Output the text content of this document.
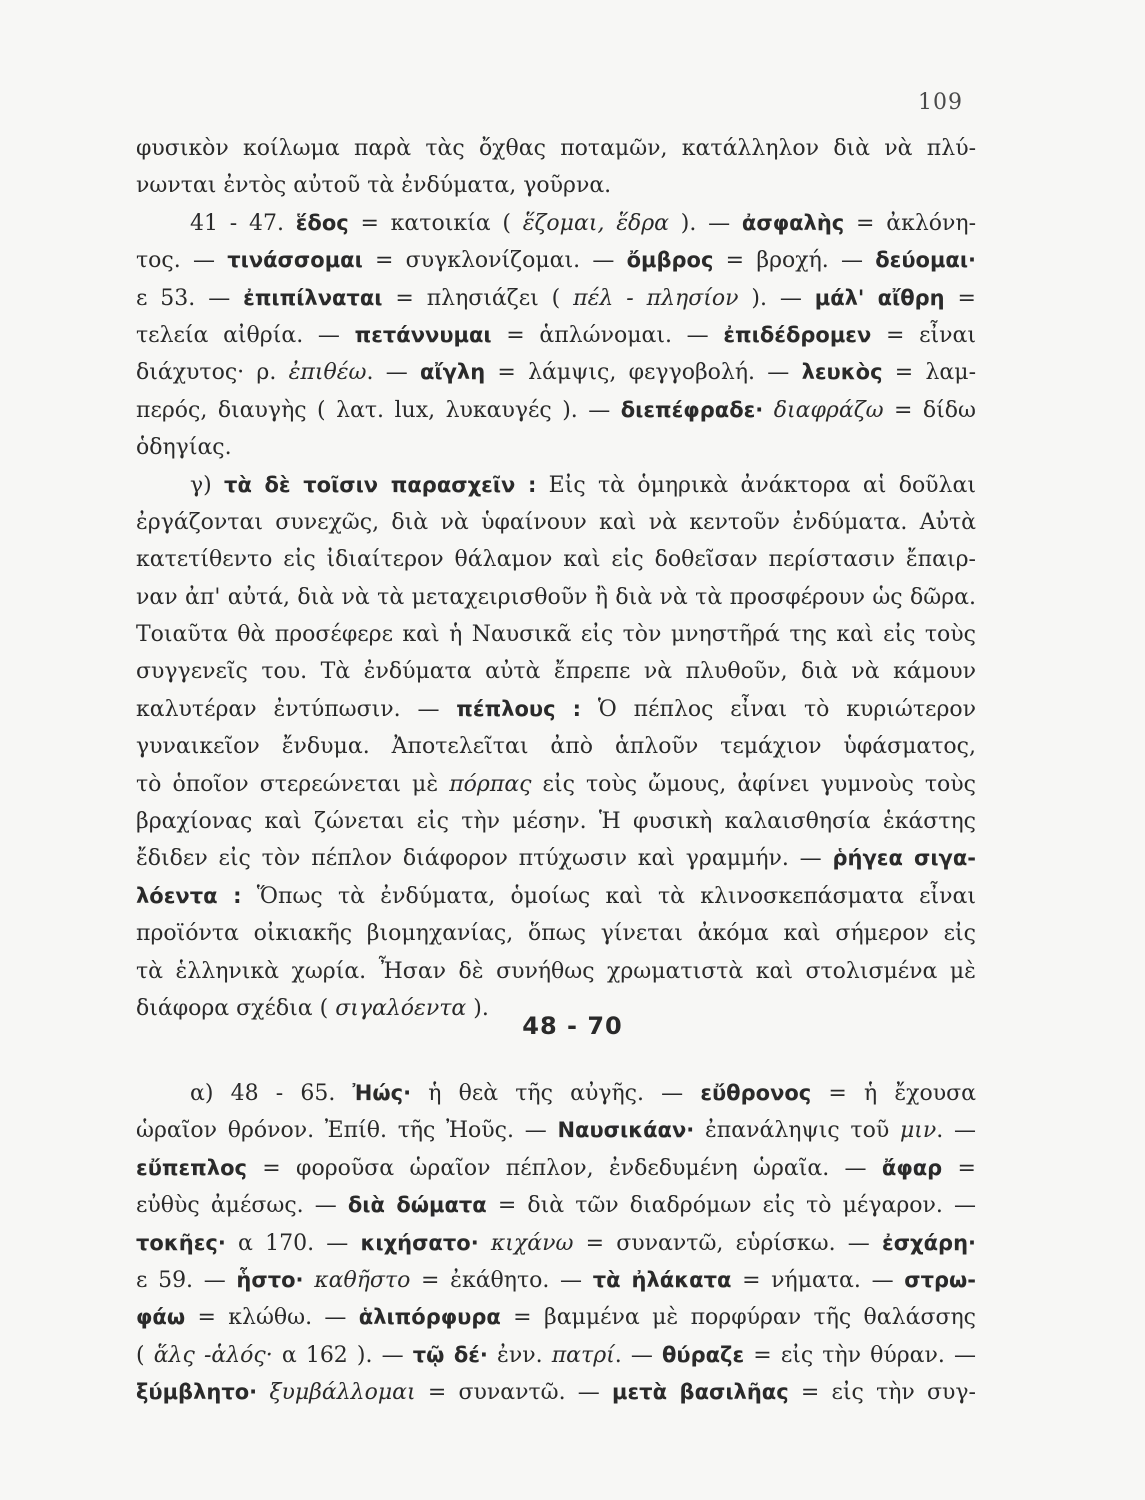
109
φυσικὸν κοίλωμα παρὰ τὰς ὄχθας ποταμῶν, κατάλληλον διὰ νὰ πλύ-
νωνται ἐντὸς αὐτοῦ τὰ ἐνδύματα, γοῦρνα.
41 - 47. ἕδος = κατοικία ( ἕζομαι, ἕδρα ). — ἀσφαλὴς = ἀκλόνη-
τος. — τινάσσομαι = συγκλονίζομαι. — ὄμβρος = βροχή. — δεύομαι·
ε 53. — ἐπιπίλναται = πλησιάζει ( πέλ - πλησίον ). — μάλ' αἴθρη =
τελεία αἰθρία. — πετάννυμαι = ἁπλώνομαι. — ἐπιδέδρομεν = εἶναι
διάχυτος· ρ. ἐπιθέω. — αἴγλη = λάμψις, φεγγοβολή. — λευκὸς = λαμ-
περός, διαυγὴς ( λατ. lux, λυκαυγές ). — διεπέφραδε· διαφράζω = δίδω
ὁδηγίας.
γ) τὰ δὲ τοῖσιν παρασχεῖν : Εἰς τὰ ὁμηρικὰ ἀνάκτορα αἱ δοῦλαι
ἐργάζονται συνεχῶς, διὰ νὰ ὑφαίνουν καὶ νὰ κεντοῦν ἐνδύματα. Αὐτὰ
κατετίθεντο εἰς ἰδιαίτερον θάλαμον καὶ εἰς δοθεῖσαν περίστασιν ἔπαιρ-
ναν ἀπ' αὐτά, διὰ νὰ τὰ μεταχειρισθοῦν ἢ διὰ νὰ τὰ προσφέρουν ὡς δῶρα.
Τοιαῦτα θὰ προσέφερε καὶ ἡ Ναυσικᾶ εἰς τὸν μνηστῆρά της καὶ εἰς τοὺς
συγγενεῖς του. Τὰ ἐνδύματα αὐτὰ ἔπρεπε νὰ πλυθοῦν, διὰ νὰ κάμουν
καλυτέραν ἐντύπωσιν. — πέπλους : Ὁ πέπλος εἶναι τὸ κυριώτερον
γυναικεῖον ἔνδυμα. Ἀποτελεῖται ἀπὸ ἁπλοῦν τεμάχιον ὑφάσματος,
τὸ ὁποῖον στερεώνεται μὲ πόρπας εἰς τοὺς ὤμους, ἀφίνει γυμνοὺς τοὺς
βραχίονας καὶ ζώνεται εἰς τὴν μέσην. Ἡ φυσικὴ καλαισθησία ἑκάστης
ἔδιδεν εἰς τὸν πέπλον διάφορον πτύχωσιν καὶ γραμμήν. — ῥήγεα σιγα-
λόεντα : Ὅπως τὰ ἐνδύματα, ὁμοίως καὶ τὰ κλινοσκεπάσματα εἶναι
προϊόντα οἰκιακῆς βιομηχανίας, ὅπως γίνεται ἀκόμα καὶ σήμερον εἰς
τὰ ἑλληνικὰ χωρία. Ἦσαν δὲ συνήθως χρωματιστὰ καὶ στολισμένα μὲ
διάφορα σχέδια ( σιγαλόεντα ).
48 - 70
α) 48 - 65. Ἠώς· ἡ θεὰ τῆς αὐγῆς. — εὔθρονος = ἡ ἔχουσα
ὡραῖον θρόνον. Ἐπίθ. τῆς Ἠοῦς. — Ναυσικάαν· ἐπανάληψις τοῦ μιν. —
εὔπεπλος = φοροῦσα ὡραῖον πέπλον, ἐνδεδυμένη ὡραῖα. — ἄφαρ =
εὐθὺς ἀμέσως. — διὰ δώματα = διὰ τῶν διαδρόμων εἰς τὸ μέγαρον. —
τοκῆες· α 170. — κιχήσατο· κιχάνω = συναντῶ, εὑρίσκω. — ἐσχάρη·
ε 59. — ἧστο· καθῆστο = ἐκάθητο. — τὰ ἠλάκατα = νήματα. — στρω-
φάω = κλώθω. — ἁλιπόρφυρα = βαμμένα μὲ πορφύραν τῆς θαλάσσης
( ἅλς -ἁλός· α 162 ). — τῷ δέ· ἐνν. πατρί. — θύραζε = εἰς τὴν θύραν. —
ξύμβλητο· ξυμβάλλομαι = συναντῶ. — μετὰ βασιλῆας = εἰς τὴν συγ-
